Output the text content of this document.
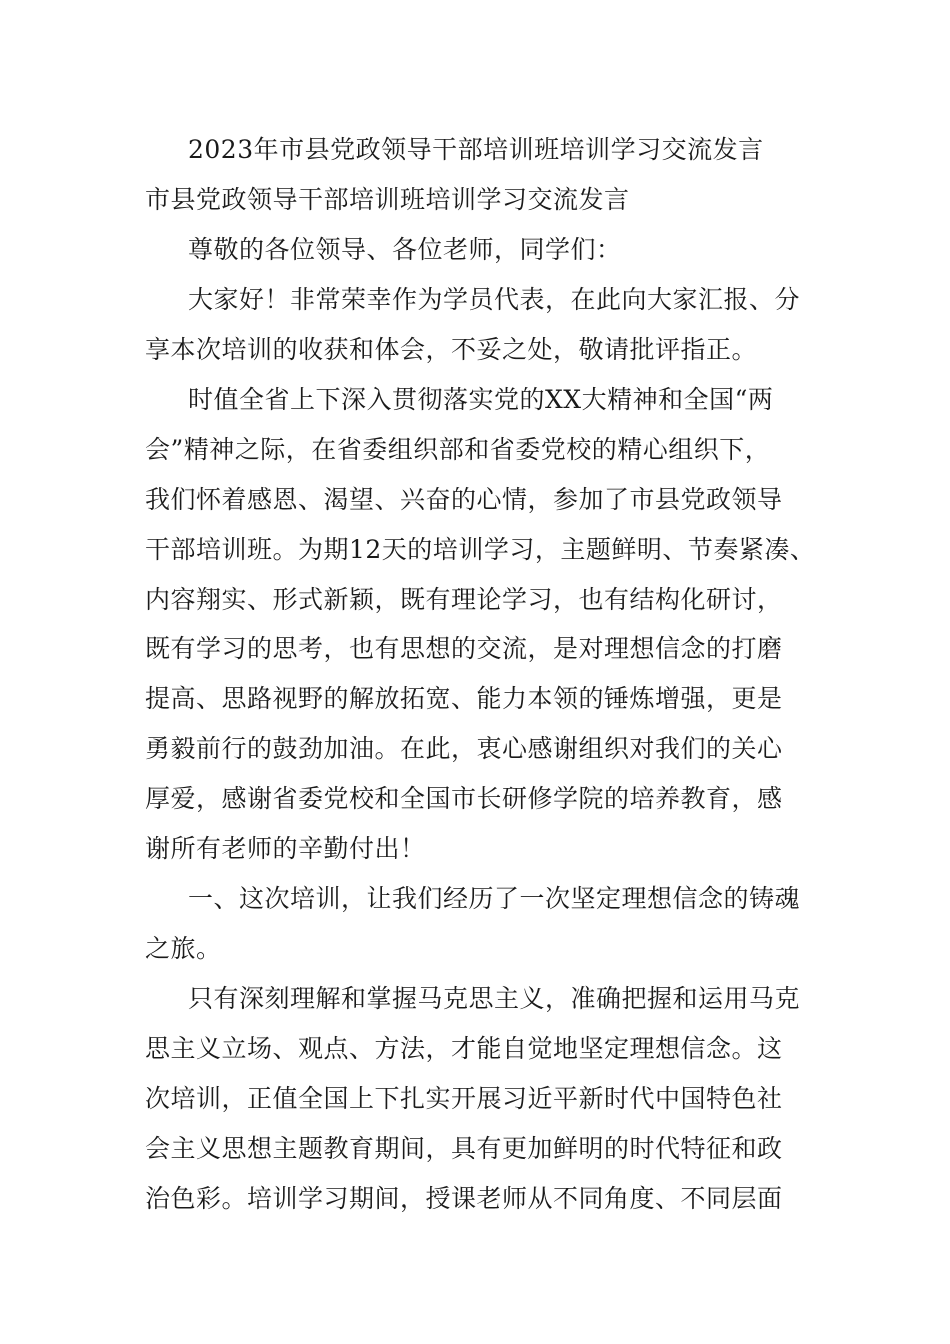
2023年市县党政领导干部培训班培训学习交流发言
市县党政领导干部培训班培训学习交流发言
尊敬的各位领导、各位老师，同学们：
大家好！非常荣幸作为学员代表，在此向大家汇报、分
享本次培训的收获和体会，不妥之处，敬请批评指正。
时值全省上下深入贯彻落实党的XX大精神和全国“两
会”精神之际，在省委组织部和省委党校的精心组织下，
我们怀着感恩、渴望、兴奋的心情，参加了市县党政领导
干部培训班。为期12天的培训学习，主题鲜明、节奏紧凑、
内容翔实、形式新颖，既有理论学习，也有结构化研讨，
既有学习的思考，也有思想的交流，是对理想信念的打磨
提高、思路视野的解放拓宽、能力本领的锤炼增强，更是
勇毅前行的鼓劲加油。在此，衷心感谢组织对我们的关心
厚爱，感谢省委党校和全国市长研修学院的培养教育，感
谢所有老师的辛勤付出！
一、这次培训，让我们经历了一次坚定理想信念的铸魂
之旅。
只有深刻理解和掌握马克思主义，准确把握和运用马克
思主义立场、观点、方法，才能自觉地坚定理想信念。这
次培训，正值全国上下扎实开展习近平新时代中国特色社
会主义思想主题教育期间，具有更加鲜明的时代特征和政
治色彩。培训学习期间，授课老师从不同角度、不同层面
